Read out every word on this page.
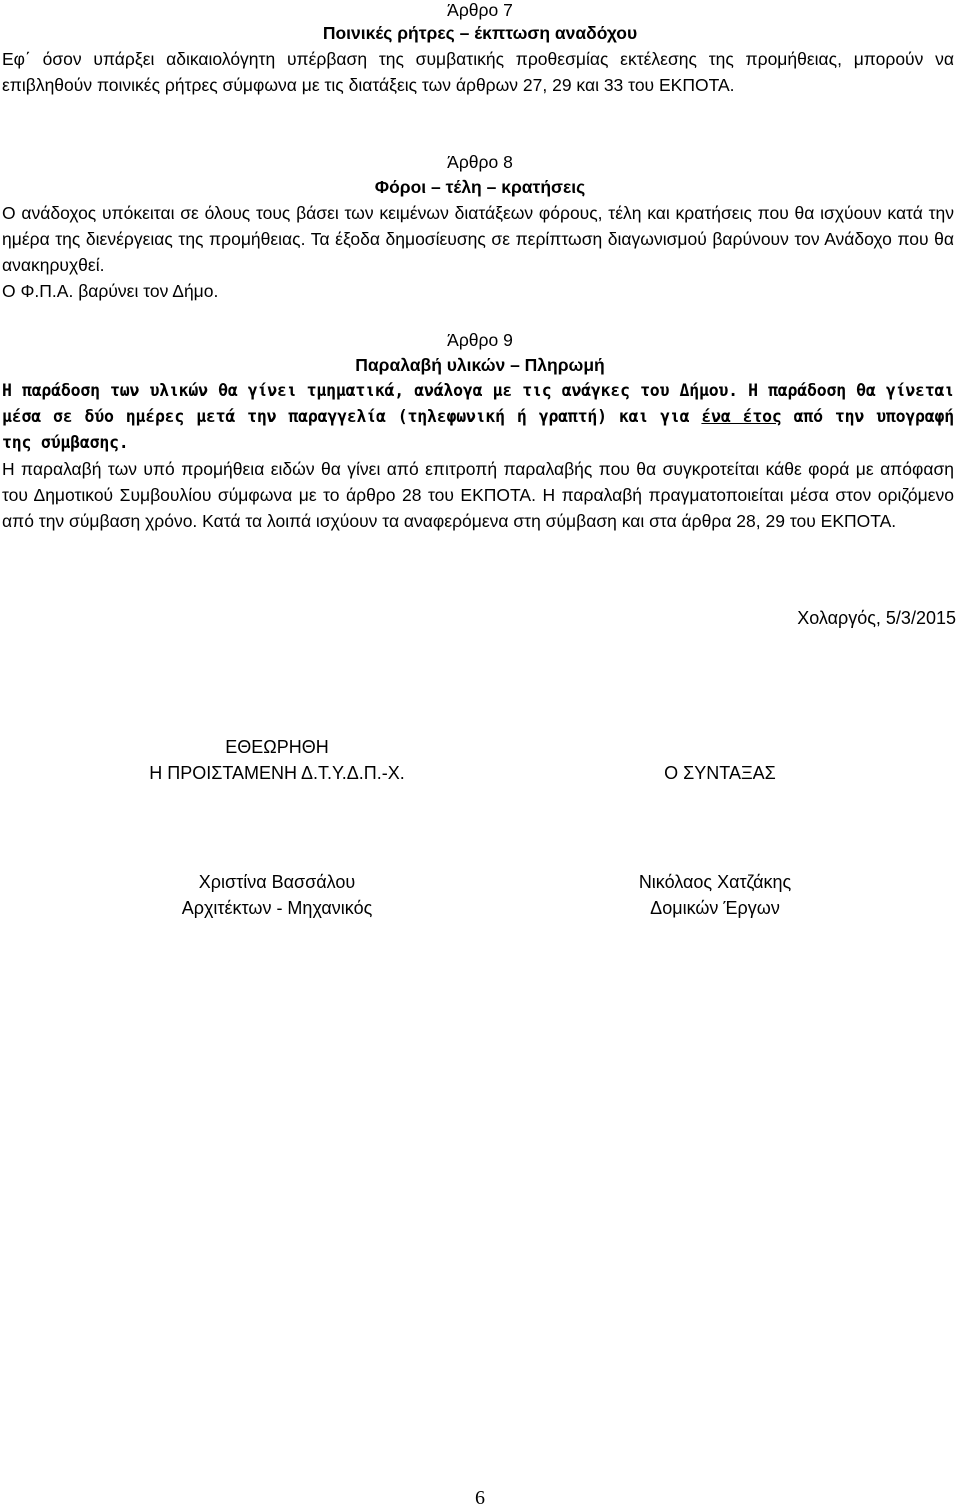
Άρθρο 7
Ποινικές ρήτρες – έκπτωση αναδόχου
Εφ΄ όσον υπάρξει αδικαιολόγητη υπέρβαση της συμβατικής προθεσμίας εκτέλεσης της προμήθειας, μπορούν να επιβληθούν ποινικές ρήτρες σύμφωνα με τις διατάξεις των άρθρων 27, 29 και 33 του ΕΚΠΟΤΑ.
Άρθρο 8
Φόροι – τέλη – κρατήσεις
Ο ανάδοχος υπόκειται σε όλους τους βάσει των κειμένων διατάξεων φόρους, τέλη και κρατήσεις που θα ισχύουν κατά την ημέρα της διενέργειας της προμήθειας. Τα έξοδα δημοσίευσης σε περίπτωση διαγωνισμού βαρύνουν τον Ανάδοχο που θα ανακηρυχθεί.
Ο Φ.Π.Α. βαρύνει τον Δήμο.
Άρθρο 9
Παραλαβή υλικών – Πληρωμή
Η παράδοση των υλικών θα γίνει τμηματικά, ανάλογα με τις ανάγκες του Δήμου. Η παράδοση θα γίνεται μέσα σε δύο ημέρες μετά την παραγγελία (τηλεφωνική ή γραπτή) και για ένα έτος από την υπογραφή της σύμβασης.
Η παραλαβή των υπό προμήθεια ειδών θα γίνει από επιτροπή παραλαβής που θα συγκροτείται κάθε φορά με απόφαση του Δημοτικού Συμβουλίου σύμφωνα με το άρθρο 28 του ΕΚΠΟΤΑ. Η παραλαβή πραγματοποιείται μέσα στον οριζόμενο από την σύμβαση χρόνο. Κατά τα λοιπά ισχύουν τα αναφερόμενα στη σύμβαση και στα άρθρα 28, 29 του ΕΚΠΟΤΑ.
Χολαργός, 5/3/2015
ΕΘΕΩΡΗΘΗ
Η ΠΡΟΙΣΤΑΜΕΝΗ Δ.Τ.Υ.Δ.Π.-Χ.
Χριστίνα Βασσάλου
Αρχιτέκτων - Μηχανικός
Ο ΣΥΝΤΑΞΑΣ
Νικόλαος Χατζάκης
Δομικών Έργων
6
